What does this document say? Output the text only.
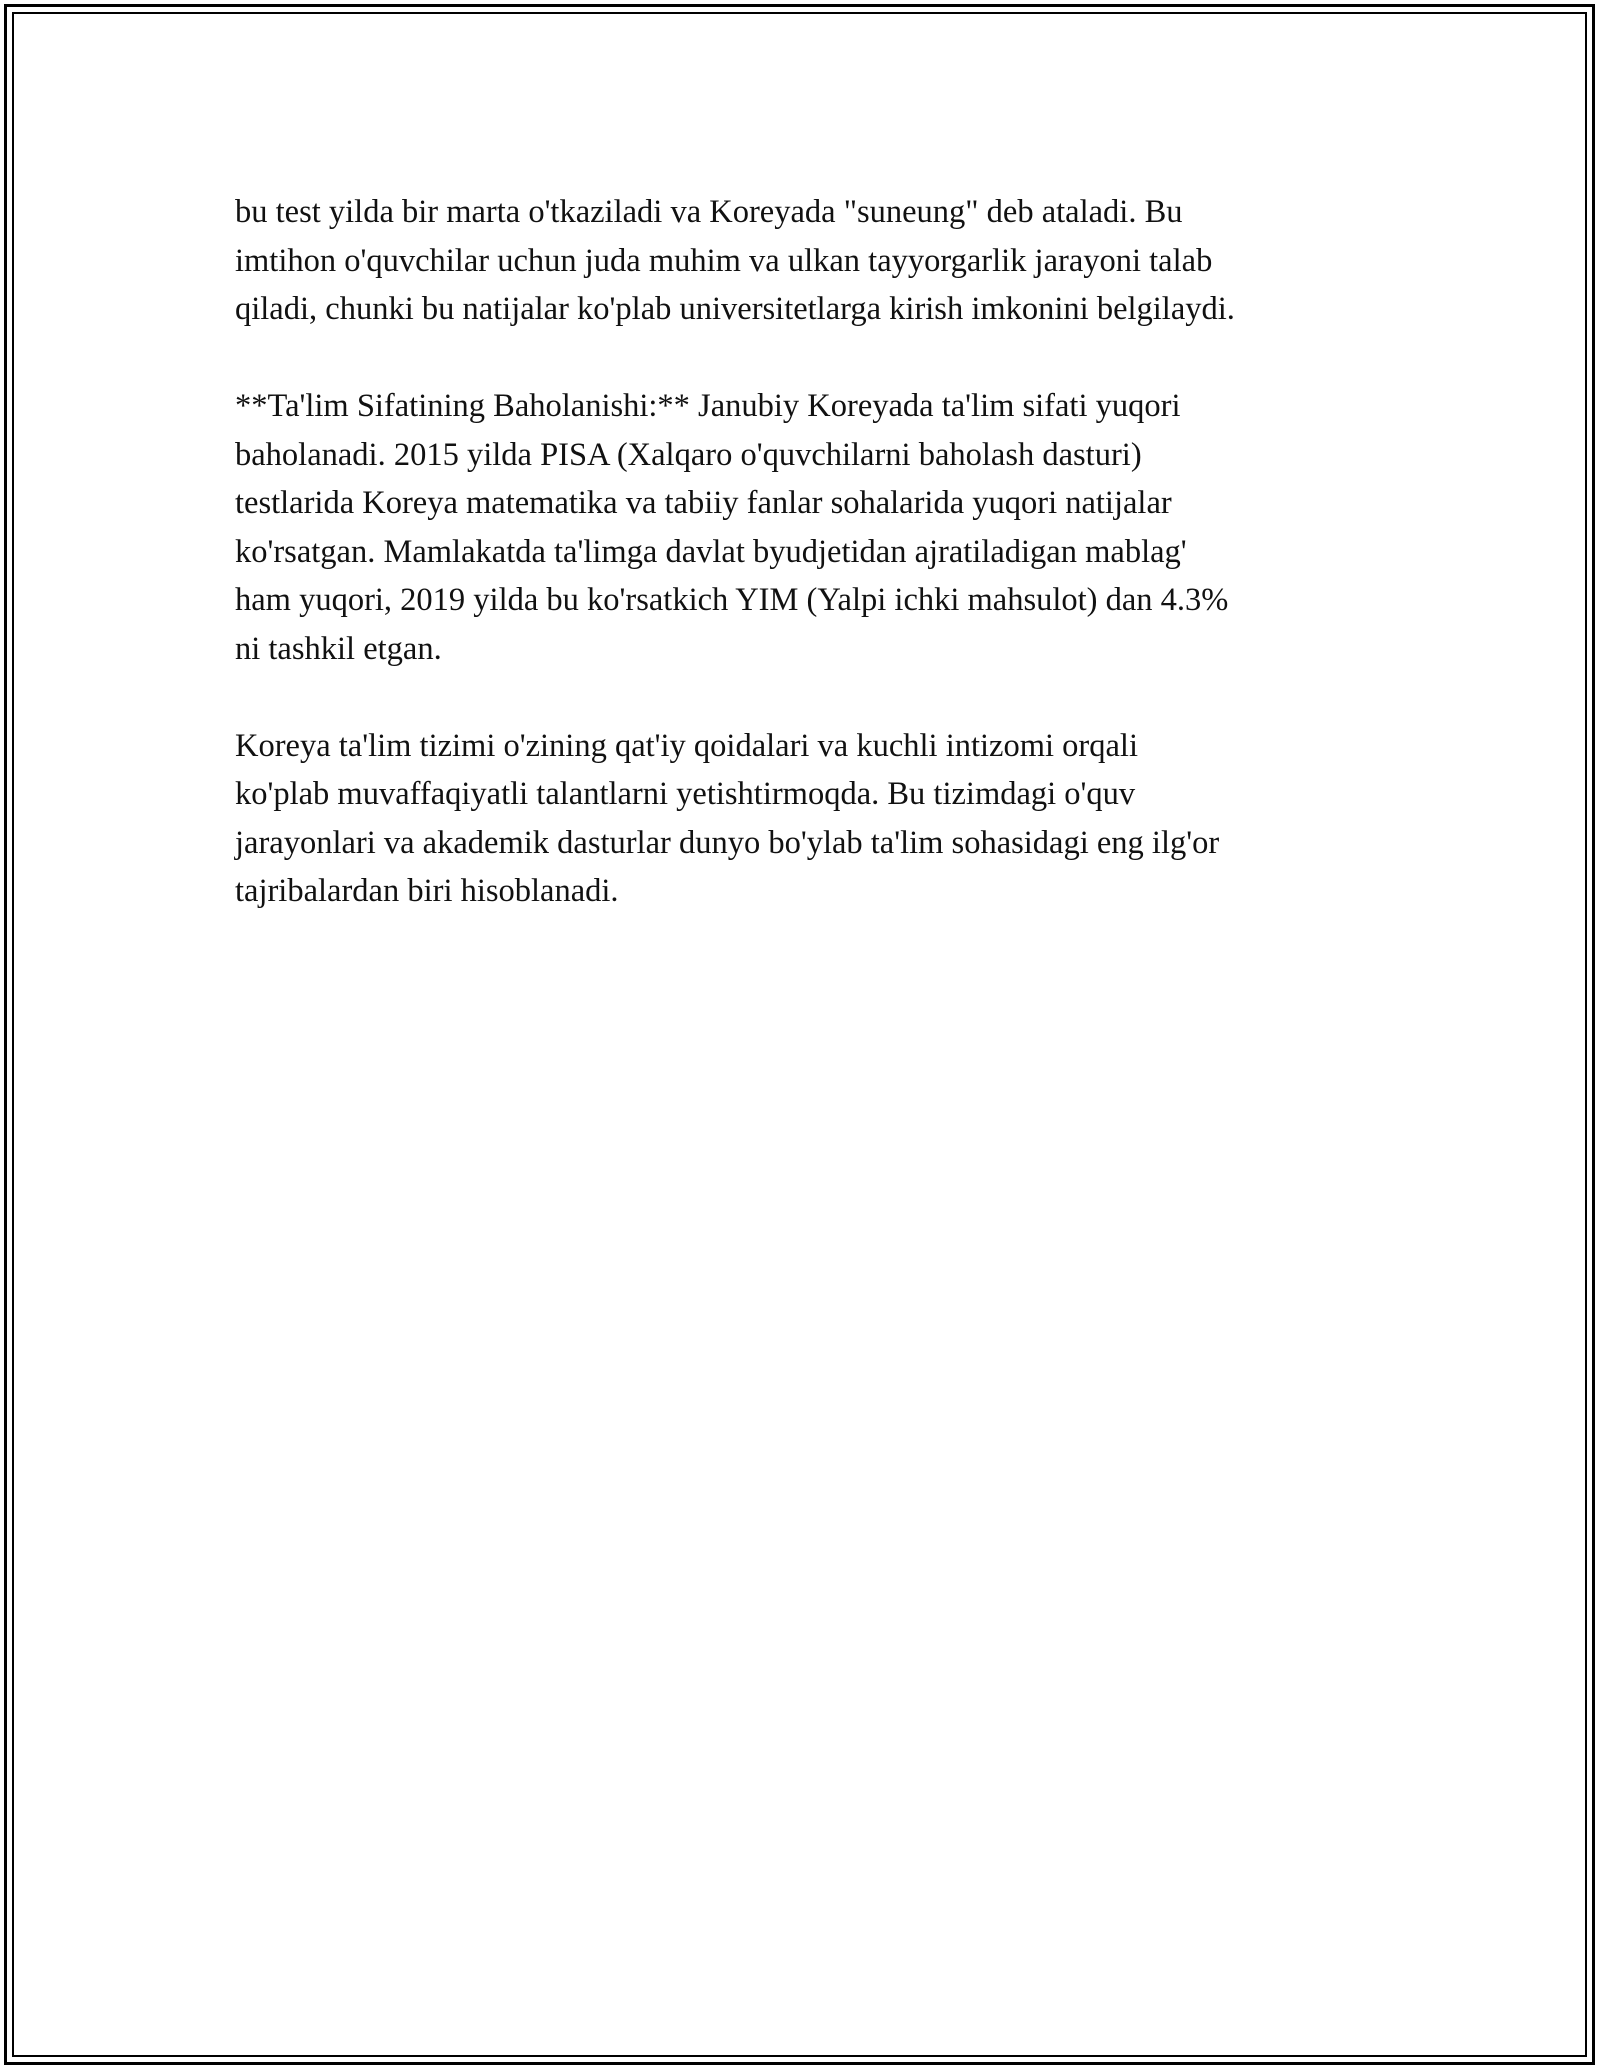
bu test yilda bir marta o'tkaziladi va Koreyada "suneung" deb ataladi. Bu
imtihon o'quvchilar uchun juda muhim va ulkan tayyorgarlik jarayoni talab
qiladi, chunki bu natijalar ko'plab universitetlarga kirish imkonini belgilaydi.

**Ta'lim Sifatining Baholanishi:** Janubiy Koreyada ta'lim sifati yuqori
baholanadi. 2015 yilda PISA (Xalqaro o'quvchilarni baholash dasturi)
testlarida Koreya matematika va tabiiy fanlar sohalarida yuqori natijalar
ko'rsatgan. Mamlakatda ta'limga davlat byudjetidan ajratiladigan mablag'
ham yuqori, 2019 yilda bu ko'rsatkich YIM (Yalpi ichki mahsulot) dan 4.3%
ni tashkil etgan.

Koreya ta'lim tizimi o'zining qat'iy qoidalari va kuchli intizomi orqali
ko'plab muvaffaqiyatli talantlarni yetishtirmoqda. Bu tizimdagi o'quv
jarayonlari va akademik dasturlar dunyo bo'ylab ta'lim sohasidagi eng ilg'or
tajribalardan biri hisoblanadi.
